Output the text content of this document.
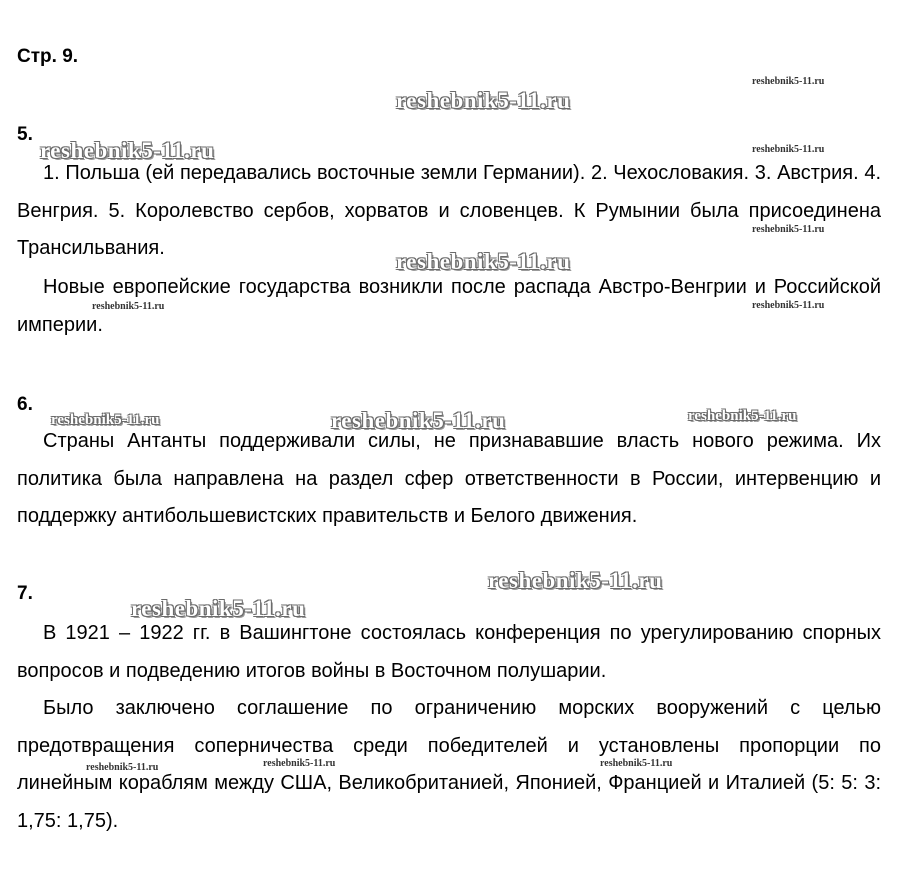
Стр. 9.
5.

1. Польша (ей передавались восточные земли Германии). 2. Чехословакия. 3. Австрия. 4. Венгрия. 5. Королевство сербов, хорватов и словенцев. К Румынии была присоединена Трансильвания.

Новые европейские государства возникли после распада Австро-Венгрии и Российской империи.

6.

Страны Антанты поддерживали силы, не признававшие власть нового режима. Их политика была направлена на раздел сфер ответственности в России, интервенцию и поддержку антибольшевистских правительств и Белого движения.

7.

В 1921 – 1922 гг. в Вашингтоне состоялась конференция по урегулированию спорных вопросов и подведению итогов войны в Восточном полушарии.

Было заключено соглашение по ограничению морских вооружений с целью предотвращения соперничества среди победителей и установлены пропорции по линейным кораблям между США, Великобританией, Японией, Францией и Италией (5: 5: 3: 1,75: 1,75).

reshebnik5-11.ru
reshebnik5-11.ru
reshebnik5-11.ru	reshebnik5-11.ru
reshebnik5-11.ru
reshebnik5-11.ru
reshebnik5-11.ru	reshebnik5-11.ru
reshebnik5-11.ru	reshebnik5-11.ru	reshebnik5-11.ru
reshebnik5-11.ru
reshebnik5-11.ru
reshebnik5-11.ru	reshebnik5-11.ru	reshebnik5-11.ru
